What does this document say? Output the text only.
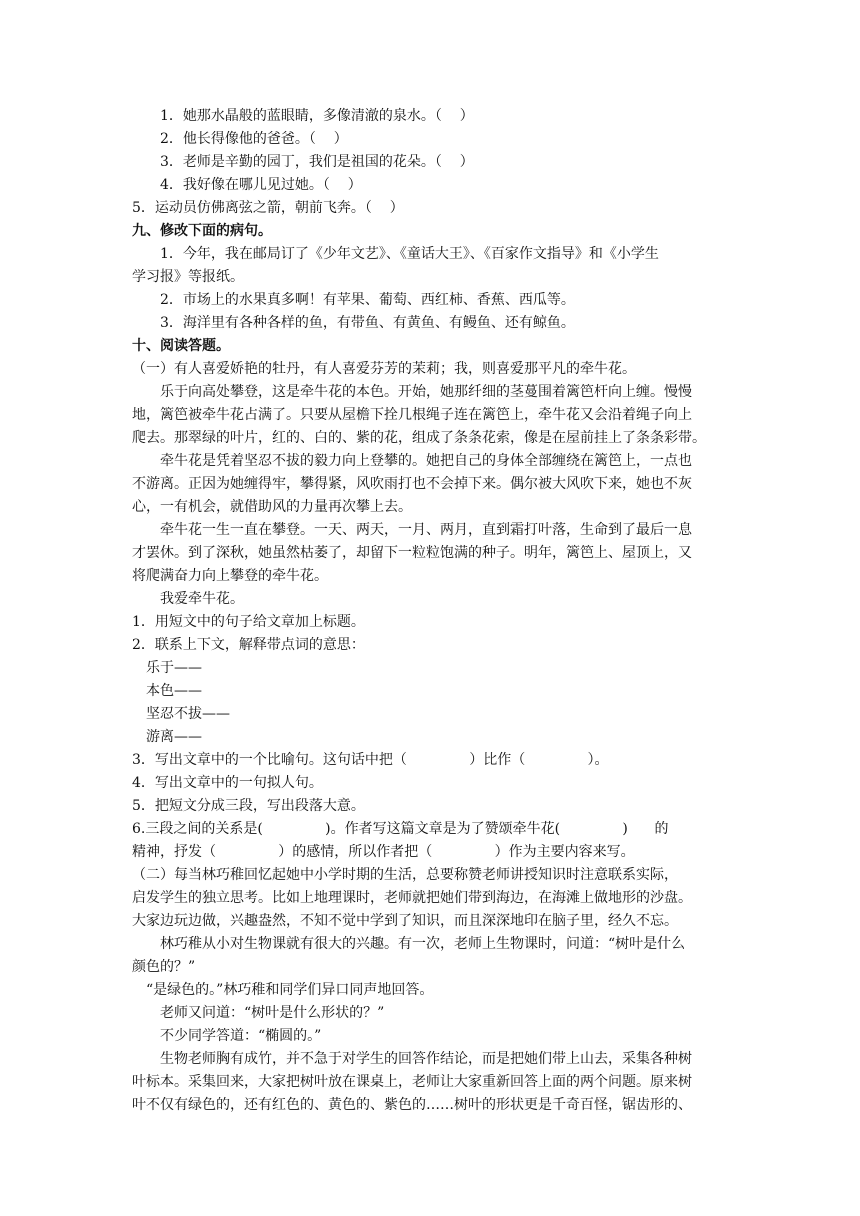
1．她那水晶般的蓝眼睛，多像清澈的泉水。（    ）
2．他长得像他的爸爸。（    ）
3．老师是辛勤的园丁，我们是祖国的花朵。（    ）
4．我好像在哪儿见过她。（    ）
5．运动员仿佛离弦之箭，朝前飞奔。（    ）
九、修改下面的病句。
1．今年，我在邮局订了《少年文艺》、《童话大王》、《百家作文指导》和《小学生
学习报》等报纸。
2．市场上的水果真多啊！有苹果、葡萄、西红柿、香蕉、西瓜等。
3．海洋里有各种各样的鱼，有带鱼、有黄鱼、有鳗鱼、还有鲸鱼。
十、阅读答题。
（一）有人喜爱娇艳的牡丹，有人喜爱芬芳的茉莉；我，则喜爱那平凡的牵牛花。
乐于向高处攀登，这是牵牛花的本色。开始，她那纤细的茎蔓围着篱笆杆向上缠。慢慢
地，篱笆被牵牛花占满了。只要从屋檐下拴几根绳子连在篱笆上，牵牛花又会沿着绳子向上
爬去。那翠绿的叶片，红的、白的、紫的花，组成了条条花索，像是在屋前挂上了条条彩带。
牵牛花是凭着坚忍不拔的毅力向上登攀的。她把自己的身体全部缠绕在篱笆上，一点也
不游离。正因为她缠得牢，攀得紧，风吹雨打也不会掉下来。偶尔被大风吹下来，她也不灰
心，一有机会，就借助风的力量再次攀上去。
牵牛花一生一直在攀登。一天、两天，一月、两月，直到霜打叶落，生命到了最后一息
才罢休。到了深秋，她虽然枯萎了，却留下一粒粒饱满的种子。明年，篱笆上、屋顶上，又
将爬满奋力向上攀登的牵牛花。
我爱牵牛花。
1．用短文中的句子给文章加上标题。
2．联系上下文，解释带点词的意思：
乐于——
本色——
坚忍不拔——
游离——
3．写出文章中的一个比喻句。这句话中把（              ）比作（              ）。
4．写出文章中的一句拟人句。
5．把短文分成三段，写出段落大意。
6.三段之间的关系是(              )。作者写这篇文章是为了赞颂牵牛花(              )      的
精神，抒发（              ）的感情，所以作者把（              ）作为主要内容来写。
（二）每当林巧稚回忆起她中小学时期的生活，总要称赞老师讲授知识时注意联系实际，
启发学生的独立思考。比如上地理课时，老师就把她们带到海边，在海滩上做地形的沙盘。
大家边玩边做，兴趣盎然，不知不觉中学到了知识，而且深深地印在脑子里，经久不忘。
林巧稚从小对生物课就有很大的兴趣。有一次，老师上生物课时，问道：“树叶是什么
颜色的？”
“是绿色的。”林巧稚和同学们异口同声地回答。
老师又问道：“树叶是什么形状的？”
不少同学答道：“椭圆的。”
生物老师胸有成竹，并不急于对学生的回答作结论，而是把她们带上山去，采集各种树
叶标本。采集回来，大家把树叶放在课桌上，老师让大家重新回答上面的两个问题。原来树
叶不仅有绿色的，还有红色的、黄色的、紫色的……树叶的形状更是千奇百怪，锯齿形的、
